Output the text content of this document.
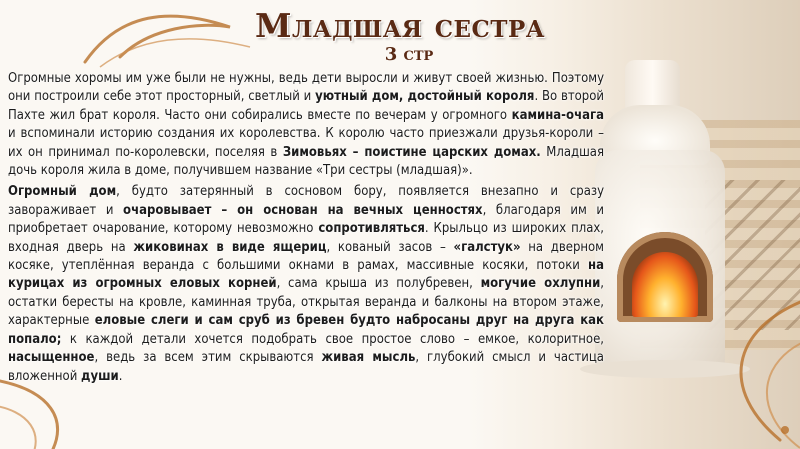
Младшая сестра
3 стр

Огромные хоромы им уже были не нужны, ведь дети выросли и живут своей жизнью. Поэтому они построили себе этот просторный, светлый и уютный дом, достойный короля. Во второй Пахте жил брат короля. Часто они собирались вместе по вечерам у огромного камина-очага и вспоминали историю создания их королевства. К королю часто приезжали друзья-короли – их он принимал по-королевски, поселяя в Зимовьях – поистине царских домах. Младшая дочь короля жила в доме, получившем название «Три сестры (младшая)».

Огромный дом, будто затерянный в сосновом бору, появляется внезапно и сразу завораживает и очаровывает – он основан на вечных ценностях, благодаря им и приобретает очарование, которому невозможно сопротивляться. Крыльцо из широких плах, входная дверь на жиковинах в виде ящериц, кованый засов – «галстук» на дверном косяке, утеплённая веранда с большими окнами в рамах, массивные косяки, потоки на курицах из огромных еловых корней, сама крыша из полубревен, могучие охлупни, остатки бересты на кровле, каминная труба, открытая веранда и балконы на втором этаже, характерные еловые слеги и сам сруб из бревен будто набросаны друг на друга как попало; к каждой детали хочется подобрать свое простое слово – емкое, колоритное, насыщенное, ведь за всем этим скрываются живая мысль, глубокий смысл и частица вложенной души.
